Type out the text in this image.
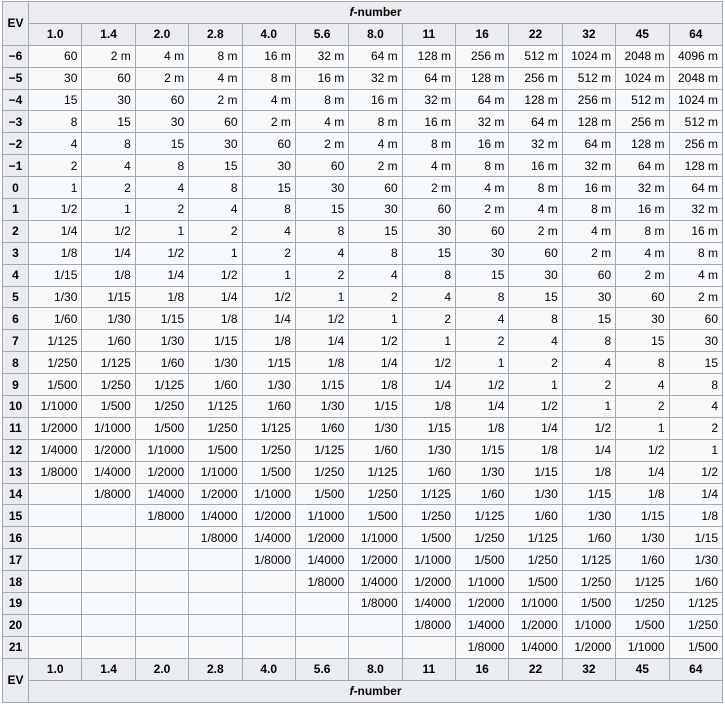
EV	f-number												
	1.0	1.4	2.0	2.8	4.0	5.6	8.0	11	16	22	32	45	64
−6	60	2 m	4 m	8 m	16 m	32 m	64 m	128 m	256 m	512 m	1024 m	2048 m	4096 m
−5	30	60	2 m	4 m	8 m	16 m	32 m	64 m	128 m	256 m	512 m	1024 m	2048 m
−4	15	30	60	2 m	4 m	8 m	16 m	32 m	64 m	128 m	256 m	512 m	1024 m
−3	8	15	30	60	2 m	4 m	8 m	16 m	32 m	64 m	128 m	256 m	512 m
−2	4	8	15	30	60	2 m	4 m	8 m	16 m	32 m	64 m	128 m	256 m
−1	2	4	8	15	30	60	2 m	4 m	8 m	16 m	32 m	64 m	128 m
0	1	2	4	8	15	30	60	2 m	4 m	8 m	16 m	32 m	64 m
1	1/2	1	2	4	8	15	30	60	2 m	4 m	8 m	16 m	32 m
2	1/4	1/2	1	2	4	8	15	30	60	2 m	4 m	8 m	16 m
3	1/8	1/4	1/2	1	2	4	8	15	30	60	2 m	4 m	8 m
4	1/15	1/8	1/4	1/2	1	2	4	8	15	30	60	2 m	4 m
5	1/30	1/15	1/8	1/4	1/2	1	2	4	8	15	30	60	2 m
6	1/60	1/30	1/15	1/8	1/4	1/2	1	2	4	8	15	30	60
7	1/125	1/60	1/30	1/15	1/8	1/4	1/2	1	2	4	8	15	30
8	1/250	1/125	1/60	1/30	1/15	1/8	1/4	1/2	1	2	4	8	15
9	1/500	1/250	1/125	1/60	1/30	1/15	1/8	1/4	1/2	1	2	4	8
10	1/1000	1/500	1/250	1/125	1/60	1/30	1/15	1/8	1/4	1/2	1	2	4
11	1/2000	1/1000	1/500	1/250	1/125	1/60	1/30	1/15	1/8	1/4	1/2	1	2
12	1/4000	1/2000	1/1000	1/500	1/250	1/125	1/60	1/30	1/15	1/8	1/4	1/2	1
13	1/8000	1/4000	1/2000	1/1000	1/500	1/250	1/125	1/60	1/30	1/15	1/8	1/4	1/2
14		1/8000	1/4000	1/2000	1/1000	1/500	1/250	1/125	1/60	1/30	1/15	1/8	1/4
15			1/8000	1/4000	1/2000	1/1000	1/500	1/250	1/125	1/60	1/30	1/15	1/8
16				1/8000	1/4000	1/2000	1/1000	1/500	1/250	1/125	1/60	1/30	1/15
17					1/8000	1/4000	1/2000	1/1000	1/500	1/250	1/125	1/60	1/30
18						1/8000	1/4000	1/2000	1/1000	1/500	1/250	1/125	1/60
19							1/8000	1/4000	1/2000	1/1000	1/500	1/250	1/125
20								1/8000	1/4000	1/2000	1/1000	1/500	1/250
21									1/8000	1/4000	1/2000	1/1000	1/500
EV	1.0	1.4	2.0	2.8	4.0	5.6	8.0	11	16	22	32	45	64
	f-number												
